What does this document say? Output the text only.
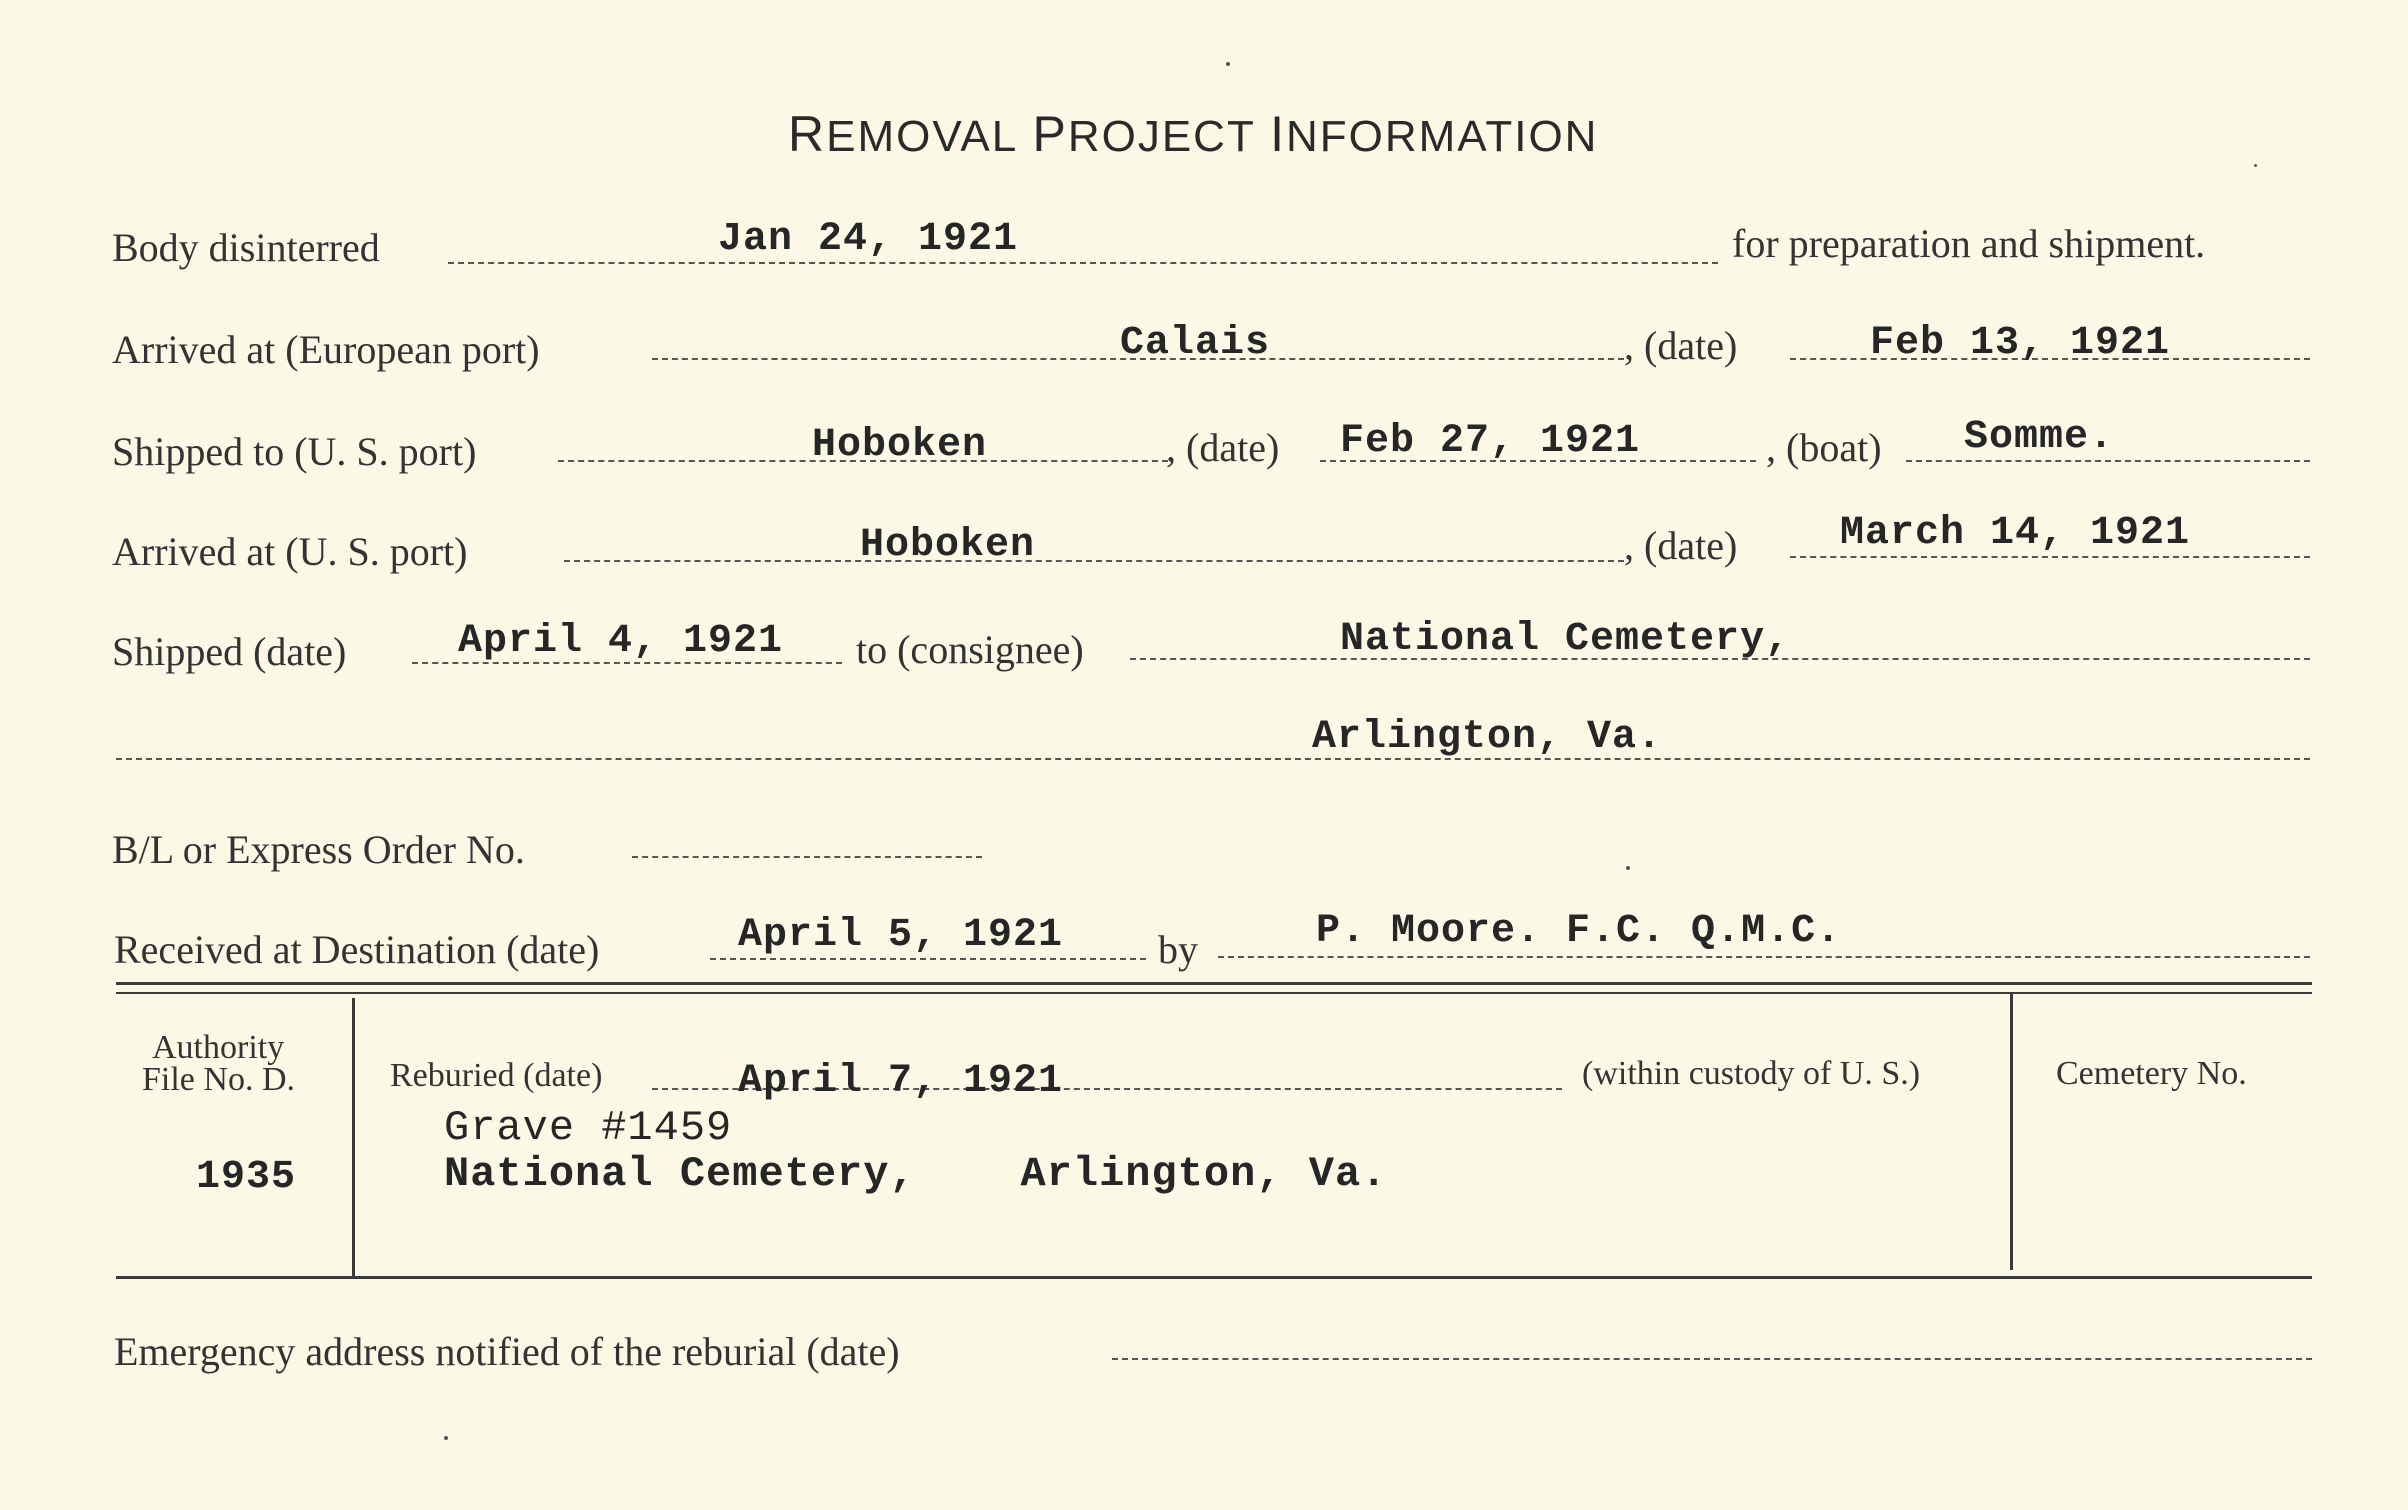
REMOVAL PROJECT INFORMATION
Body disinterred	Jan 24, 1921	for preparation and shipment.
Arrived at (European port)	Calais	, (date)	Feb 13, 1921
Shipped to (U. S. port)	Hoboken	, (date) Feb 27, 1921	, (boat) Somme.
Arrived at (U. S. port)	Hoboken	, (date)	March 14, 1921
Shipped (date)	April 4, 1921 to (consignee)	National Cemetery,
Arlington, Va.
B/L or Express Order No.
Received at Destination (date)	April 5, 1921 by	P. Moore. F.C. Q.M.C.
Authority
File No. D.
1935
Reburied (date)	April 7, 1921	(within custody of U. S.)
Grave #1459
National Cemetery,    Arlington, Va.
Cemetery No.
Emergency address notified of the reburial (date)
